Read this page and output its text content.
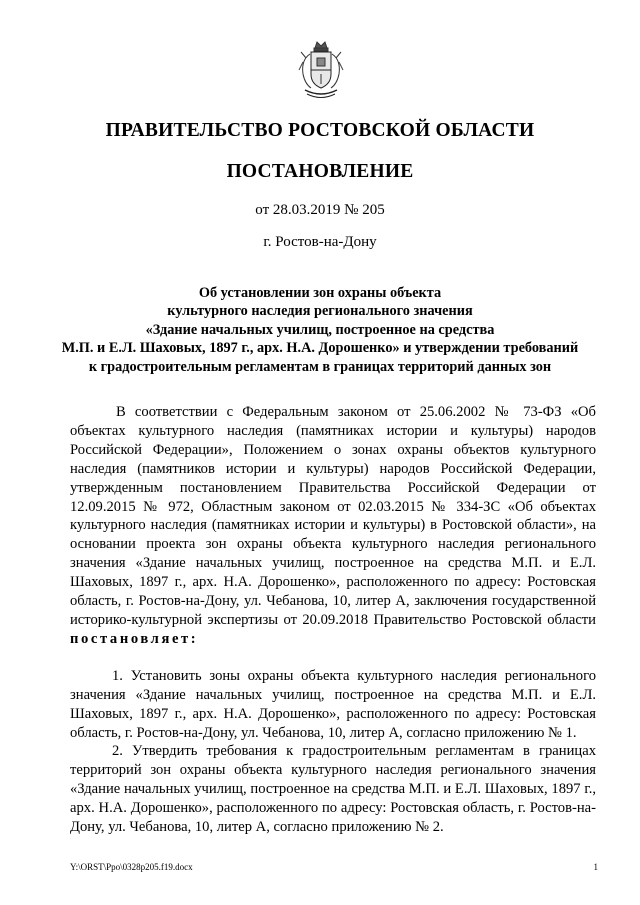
ПРАВИТЕЛЬСТВО РОСТОВСКОЙ ОБЛАСТИ
ПОСТАНОВЛЕНИЕ
от 28.03.2019 № 205
г. Ростов-на-Дону
Об установлении зон охраны объекта
культурного наследия регионального значения
«Здание начальных училищ, построенное на средства
М.П. и Е.Л. Шаховых, 1897 г., арх. Н.А. Дорошенко» и утверждении требований
к градостроительным регламентам в границах территорий данных зон

В соответствии с Федеральным законом от 25.06.2002 № 73-ФЗ «Об объектах культурного наследия (памятниках истории и культуры) народов Российской Федерации», Положением о зонах охраны объектов культурного наследия (памятников истории и культуры) народов Российской Федерации, утвержденным постановлением Правительства Российской Федерации от 12.09.2015 № 972, Областным законом от 02.03.2015 № 334-ЗС «Об объектах культурного наследия (памятниках истории и культуры) в Ростовской области», на основании проекта зон охраны объекта культурного наследия регионального значения «Здание начальных училищ, построенное на средства М.П. и Е.Л. Шаховых, 1897 г., арх. Н.А. Дорошенко», расположенного по адресу: Ростовская область, г. Ростов-на-Дону, ул. Чебанова, 10, литер А, заключения государственной историко-культурной экспертизы от 20.09.2018 Правительство Ростовской области постановляет:

1. Установить зоны охраны объекта культурного наследия регионального значения «Здание начальных училищ, построенное на средства М.П. и Е.Л. Шаховых, 1897 г., арх. Н.А. Дорошенко», расположенного по адресу: Ростовская область, г. Ростов-на-Дону, ул. Чебанова, 10, литер А, согласно приложению № 1.

2. Утвердить требования к градостроительным регламентам в границах территорий зон охраны объекта культурного наследия регионального значения «Здание начальных училищ, построенное на средства М.П. и Е.Л. Шаховых, 1897 г., арх. Н.А. Дорошенко», расположенного по адресу: Ростовская область, г. Ростов-на-Дону, ул. Чебанова, 10, литер А, согласно приложению № 2.

Y:\ORST\Ppo\0328p205.f19.docx	1
